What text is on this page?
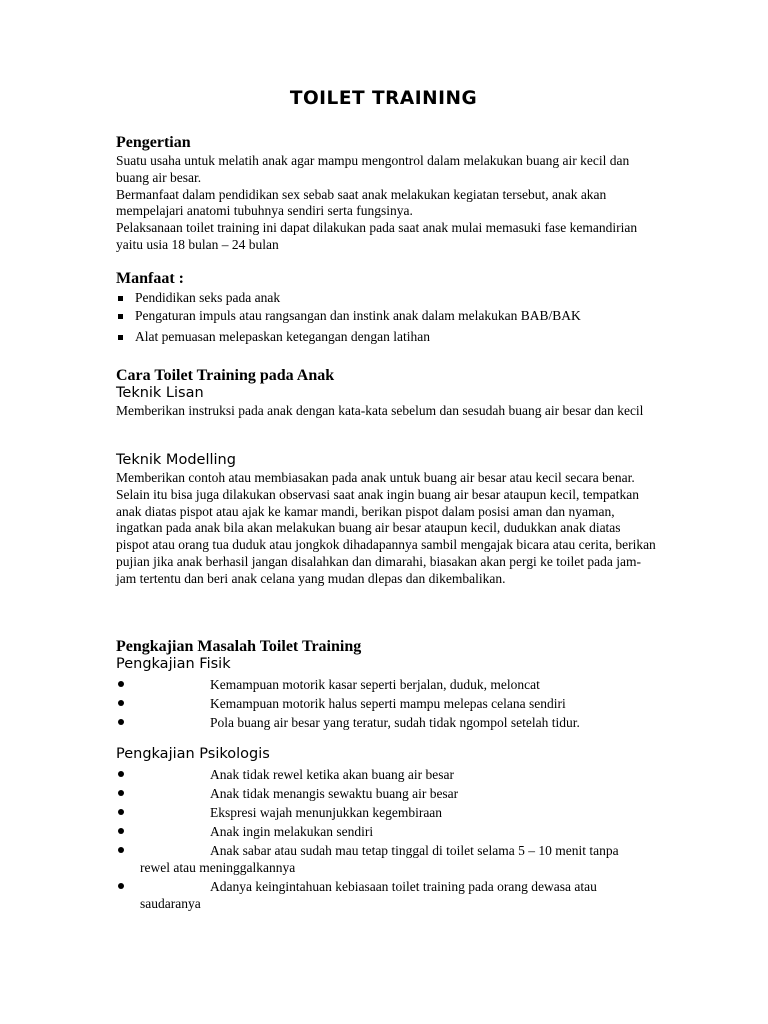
TOILET TRAINING
Pengertian

Suatu usaha untuk melatih anak agar mampu mengontrol dalam melakukan buang air kecil dan buang air besar.

Bermanfaat dalam pendidikan sex sebab saat anak melakukan kegiatan tersebut, anak akan mempelajari anatomi tubuhnya sendiri serta fungsinya.

Pelaksanaan toilet training ini dapat dilakukan pada saat anak mulai memasuki fase kemandirian yaitu usia 18 bulan – 24 bulan

Manfaat :
Pendidikan seks pada anak
Pengaturan impuls atau rangsangan dan instink anak dalam melakukan BAB/BAK
Alat pemuasan melepaskan ketegangan dengan latihan
Cara Toilet Training pada Anak
Teknik Lisan

Memberikan instruksi pada anak dengan kata-kata sebelum dan sesudah buang air besar dan kecil

Teknik Modelling

Memberikan contoh atau membiasakan pada anak untuk buang air besar atau kecil secara benar.

Selain itu bisa juga dilakukan observasi saat anak ingin buang air besar ataupun kecil, tempatkan anak diatas pispot atau ajak ke kamar mandi, berikan pispot dalam posisi aman dan nyaman, ingatkan pada anak bila akan melakukan buang air besar ataupun kecil, dudukkan anak diatas pispot atau orang tua duduk atau jongkok dihadapannya sambil mengajak bicara atau cerita, berikan pujian jika anak berhasil jangan disalahkan dan dimarahi, biasakan akan pergi ke toilet pada jam-jam tertentu dan beri anak celana yang mudan dlepas dan dikembalikan.

Pengkajian Masalah Toilet Training
Pengkajian Fisik
Kemampuan motorik kasar seperti berjalan, duduk, meloncat
Kemampuan motorik halus seperti mampu melepas celana sendiri
Pola buang air besar yang teratur, sudah tidak ngompol setelah tidur.
Pengkajian Psikologis
Anak tidak rewel ketika akan buang air besar
Anak tidak menangis sewaktu buang air besar
Ekspresi wajah menunjukkan kegembiraan
Anak ingin melakukan sendiri
Anak sabar atau sudah mau tetap tinggal di toilet selama 5 – 10 menit tanpa rewel atau meninggalkannya
Adanya keingintahuan kebiasaan toilet training pada orang dewasa atau saudaranya
